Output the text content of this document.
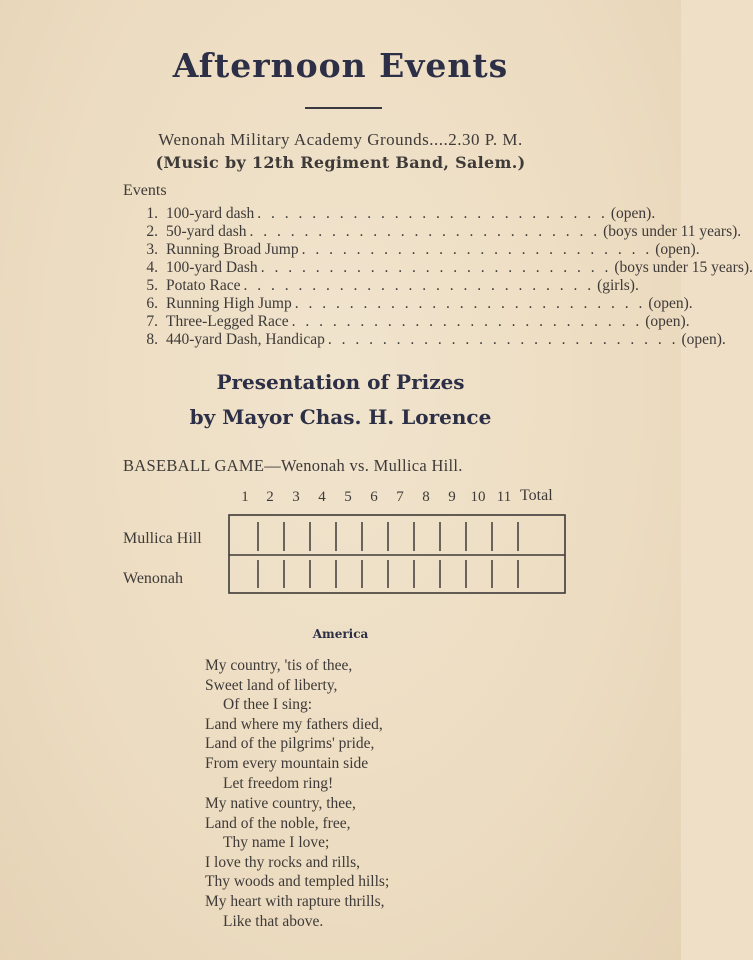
Afternoon Events
Wenonah Military Academy Grounds....2.30 P. M.
(Music by 12th Regiment Band, Salem.)
Events
1. 100-yard dash . . . . . . . . . . . . . . . . . . . . . . . . . . (open).
2. 50-yard dash . . . . . . . . . . . . . . . . . . . . . . . . . . (boys under 11 years).
3. Running Broad Jump . . . . . . . . . . . . . . . . . . . . . . . . . . (open).
4. 100-yard Dash . . . . . . . . . . . . . . . . . . . . . . . . . . (boys under 15 years).
5. Potato Race . . . . . . . . . . . . . . . . . . . . . . . . . . (girls).
6. Running High Jump . . . . . . . . . . . . . . . . . . . . . . . . . . (open).
7. Three-Legged Race . . . . . . . . . . . . . . . . . . . . . . . . . . (open).
8. 440-yard Dash, Handicap . . . . . . . . . . . . . . . . . . . . . . . . . . (open).
Presentation of Prizes
by Mayor Chas. H. Lorence
BASEBALL GAME—Wenonah vs. Mullica Hill.
1	2	3	4	5	6	7	8	9 10 11 Total
Mullica Hill
Wenonah
America
My country, 'tis of thee,
Sweet land of liberty,
Of thee I sing:
Land where my fathers died,
Land of the pilgrims' pride,
From every mountain side
Let freedom ring!
My native country, thee,
Land of the noble, free,
Thy name I love;
I love thy rocks and rills,
Thy woods and templed hills;
My heart with rapture thrills,
Like that above.
